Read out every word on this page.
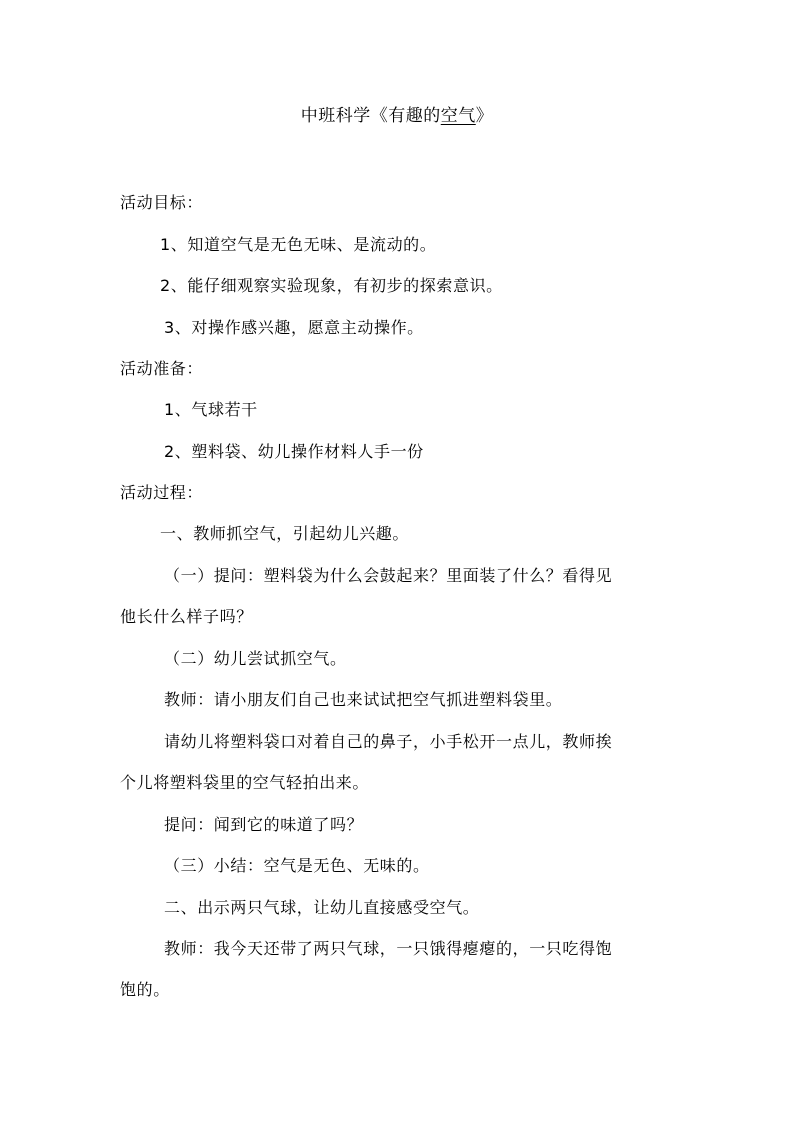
中班科学《有趣的空气》
活动目标：
1、知道空气是无色无味、是流动的。
2、能仔细观察实验现象，有初步的探索意识。
3、对操作感兴趣，愿意主动操作。
活动准备：
1、气球若干
2、塑料袋、幼儿操作材料人手一份
活动过程：
一、教师抓空气，引起幼儿兴趣。
（一）提问：塑料袋为什么会鼓起来？里面装了什么？看得见
他长什么样子吗？
（二）幼儿尝试抓空气。
教师：请小朋友们自己也来试试把空气抓进塑料袋里。
请幼儿将塑料袋口对着自己的鼻子，小手松开一点儿，教师挨
个儿将塑料袋里的空气轻拍出来。
提问：闻到它的味道了吗？
（三）小结：空气是无色、无味的。
二、出示两只气球，让幼儿直接感受空气。
教师：我今天还带了两只气球，一只饿得瘪瘪的，一只吃得饱
饱的。
